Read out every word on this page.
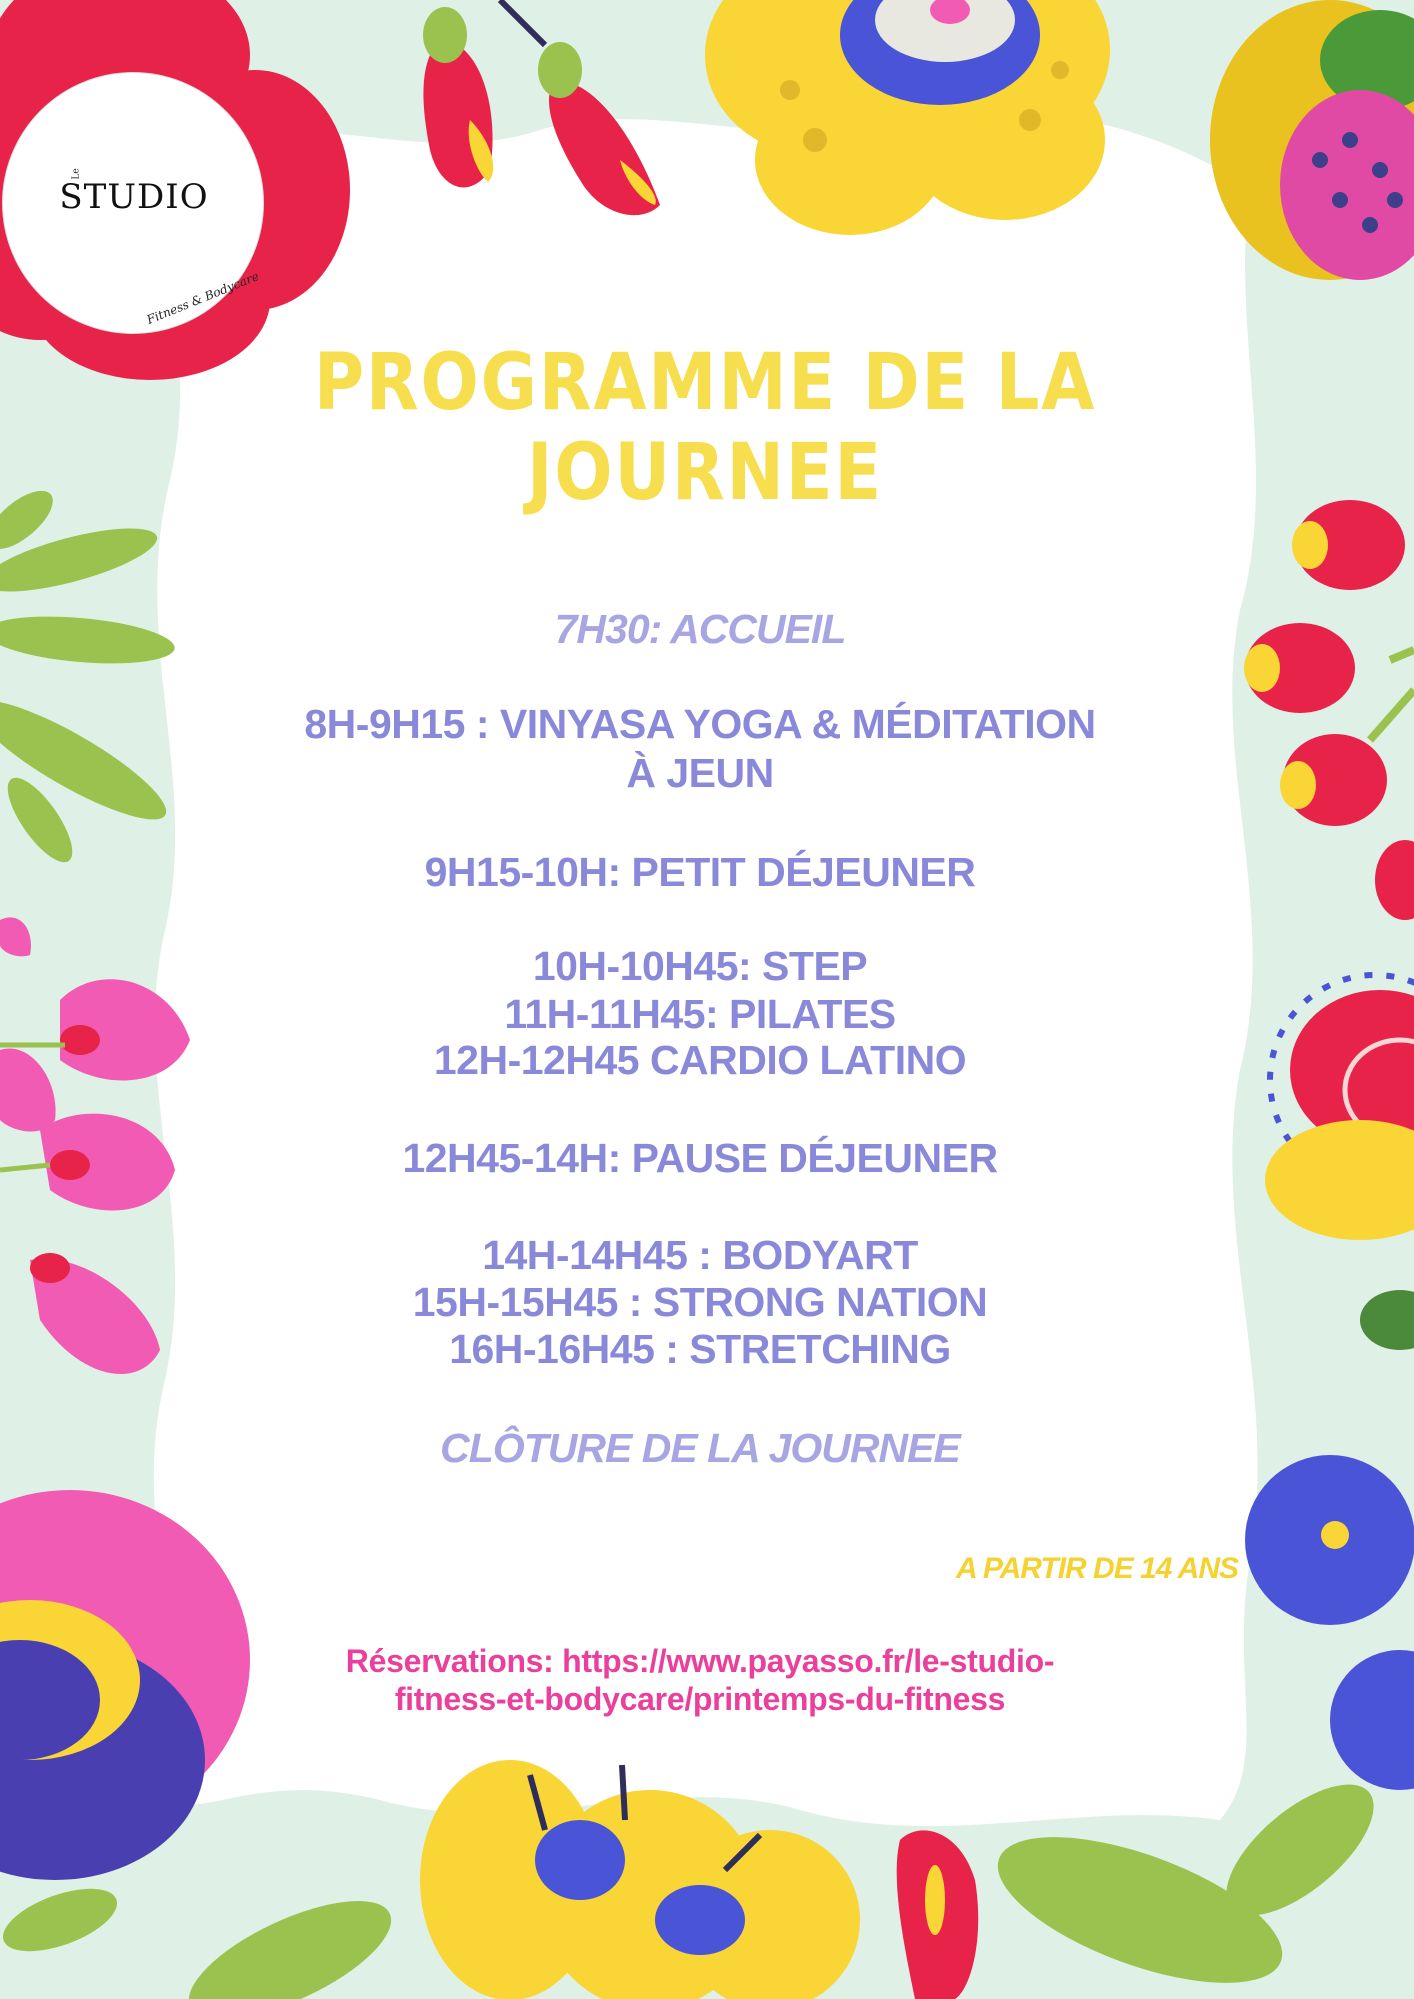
Le
STUDIO
Fitness & Bodycare
PROGRAMME DE LA
JOURNEE
7H30: ACCUEIL
8H-9H15 : VINYASA YOGA & MÉDITATION
À JEUN
9H15-10H: PETIT DÉJEUNER
10H-10H45: STEP
11H-11H45: PILATES
12H-12H45 CARDIO LATINO
12H45-14H: PAUSE DÉJEUNER
14H-14H45 : BODYART
15H-15H45 : STRONG NATION
16H-16H45 : STRETCHING
CLÔTURE DE LA JOURNEE
A PARTIR DE 14 ANS
Réservations: https://www.payasso.fr/le-studio-
fitness-et-bodycare/printemps-du-fitness
